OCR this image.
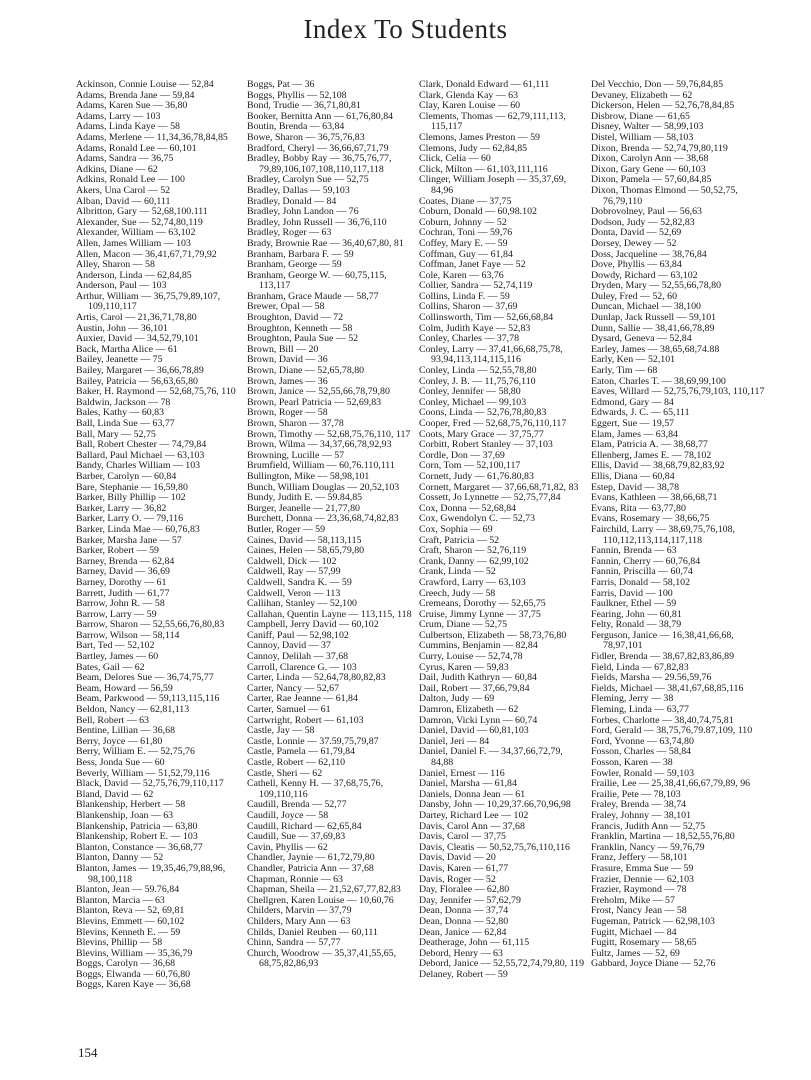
Index To Students
Ackinson, Connie Louise — 52,84
Adams, Brenda Jane — 59,84
Adams, Karen Sue — 36,80
Adams, Larry — 103
Adams, Linda Kaye — 58
Adams, Merlene — 11,34,36,78,84,85
Adams, Ronald Lee — 60,101
Adams, Sandra — 36,75
Adkins, Diane — 62
Adkins, Ronald Lee — 100
Akers, Una Carol — 52
Alban, David — 60,111
Albritton, Gary — 52,68,100.111
Alexander, Sue — 52,74,80,119
Alexander, William — 63,102
Allen, James William — 103
Allen, Macon — 36,41,67,71,79,92
Alley, Sharon — 58
Anderson, Linda — 62,84,85
Anderson, Paul — 103
Arthur, William — 36,75,79,89,107, 109,110,117
Artis, Carol — 21,36,71,78,80
Austin, John — 36,101
Auxier, David — 34,52,79,101
Back, Martha Alice — 61
Bailey, Jeanette — 75
Bailey, Margaret — 36,66,78,89
Bailey, Patricia — 56,63,65,80
Baker, H. Raymond — 52,68,75,76, 110
Baldwin, Jackson — 78
Bales, Kathy — 60,83
Ball, Linda Sue — 63,77
Ball, Mary — 52,75
Ball, Robert Chester — 74,79,84
Ballard, Paul Michael — 63,103
Bandy, Charles William — 103
Barber, Carolyn — 60,84
Bare, Stephanie — 16,59,80
Barker, Billy Phillip — 102
Barker, Larry — 36,82
Barker, Larry O. — 79,116
Barker, Linda Mae — 60,76,83
Barker, Marsha Jane — 57
Barker, Robert — 59
Barney, Brenda — 62,84
Barney, David — 36,69
Barney, Dorothy — 61
Barrett, Judith — 61,77
Barrow, John R. — 58
Barrow, Larry — 59
Barrow, Sharon — 52,55,66,76,80,83
Barrow, Wilson — 58,114
Bart, Ted — 52,102
Bartley, James — 60
Bates, Gail — 62
Beam, Delores Sue — 36,74,75,77
Beam, Howard — 56,59
Beam, Parkwood — 59,113,115,116
Beldon, Nancy — 62,81,113
Bell, Robert — 63
Bentine, Lillian — 36,68
Berry, Joyce — 61,80
Berry, William E. — 52,75,76
Bess, Jonda Sue — 60
Beverly, William — 51,52,79,116
Black, David — 52,75,76,79,110,117
Bland, David — 62
Blankenship, Herbert — 58
Blankenship, Joan — 63
Blankenship, Patricia — 63,80
Blankenship, Robert E. — 103
Blanton, Constance — 36,68,77
Blanton, Danny — 52
Blanton, James — 19,35,46,79,88,96, 98,100,118
Blanton, Jean — 59.76,84
Blanton, Marcia — 63
Blanton, Reva — 52, 69,81
Blevins, Emmett — 60,102
Blevins, Kenneth E. — 59
Blevins, Phillip — 58
Blevins, William — 35,36,79
Boggs, Carolyn — 36,68
Boggs, Elwanda — 60,76,80
Boggs, Karen Kaye — 36,68
Boggs, Pat — 36
Boggs, Phyllis — 52,108
Bond, Trudie — 36,71,80,81
Booker, Bernitta Ann — 61,76,80,84
Boutin, Brenda — 63,84
Bowe, Sharon — 36,75,76,83
Bradford, Cheryl — 36,66,67,71,79
Bradley, Bobby Ray — 36,75,76,77, 79,89,106,107,108,110,117,118
Bradley, Carolyn Sue — 52,75
Bradley, Dallas — 59,103
Bradley, Donald — 84
Bradley, John Landon — 76
Bradley, John Russell — 36,76,110
Bradley, Roger — 63
Brady, Brownie Rae — 36,40,67,80, 81
Branham, Barbara F. — 59
Branham, George — 59
Branham, George W. — 60,75,115, 113,117
Branham, Grace Maude — 58,77
Brewer, Opal — 58
Broughton, David — 72
Broughton, Kenneth — 58
Broughton, Paula Sue — 52
Brown, Bill — 20
Brown, David — 36
Brown, Diane — 52,65,78,80
Brown, James — 36
Brown, Janice — 52,55,66,78,79,80
Brown, Pearl Patricia — 52,69,83
Brown, Roger — 58
Brown, Sharon — 37,78
Brown, Timothy — 52,68,75,76,110, 117
Brown, Wilma — 34,37,66,78,92,93
Browning, Lucille — 57
Brumfield, William — 60,76.110,111
Bullington, Mike — 58,98,101
Bunch, William Douglas — 20,52,103
Bundy, Judith E. — 59.84,85
Burger, Jeanelle — 21,77,80
Burchett, Donna — 23,36,68,74,82,83
Butler, Roger — 59
Caines, David — 58,113,115
Caines, Helen — 58,65,79,80
Caldwell, Dick — 102
Caldwell, Ray — 57,99
Caldwell, Sandra K. — 59
Caldwell, Veron — 113
Callihan, Stanley — 52,100
Callahan, Quentin Layne — 113,115, 118
Campbell, Jerry David — 60,102
Caniff, Paul — 52,98,102
Cannoy, David — 37
Cannoy, Delilah — 37,68
Carroll, Clarence G. — 103
Carter, Linda — 52,64,78,80,82,83
Carter, Nancy — 52,67
Carter, Rae Jeanne — 61,84
Carter, Samuel — 61
Cartwright, Robert — 61,103
Castle, Jay — 58
Castle, Lonnie — 37.59,75,79,87
Castle, Pamela — 61,79,84
Castle, Robert — 62,110
Castle, Sheri — 62
Cathell, Kenny H. — 37,68,75,76, 109,110,116
Caudill, Brenda — 52,77
Caudill, Joyce — 58
Caudill, Richard — 62,65,84
Caudill, Sue — 37,69,83
Cavin, Phyllis — 62
Chandler, Jaynie — 61,72,79,80
Chandler, Patricia Ann — 37,68
Chapman, Ronnie — 63
Chapman, Sheila — 21,52,67,77,82,83
Chellgren, Karen Louise — 10,60,76
Childers, Marvin — 37,79
Childers, Mary Ann — 63
Childs, Daniel Reuben — 60,111
Chinn, Sandra — 57,77
Church, Woodrow — 35,37,41,55,65, 68,75,82,86,93
Clark, Donald Edward — 61,111
Clark, Glenda Kay — 63
Clay, Karen Louise — 60
Clements, Thomas — 62,79,111,113, 115,117
Clemons, James Preston — 59
Clemons, Judy — 62,84,85
Click, Celia — 60
Click, Milton — 61,103,111,116
Clinger, William Joseph — 35,37,69, 84,96
Coates, Diane — 37,75
Coburn, Donald — 60,98.102
Coburn, Johnny — 52
Cochran, Toni — 59,76
Coffey, Mary E. — 59
Coffman, Guy — 61,84
Coffman, Janet Faye — 52
Cole, Karen — 63,76
Collier, Sandra — 52,74,119
Collins, Linda F. — 59
Collins, Sharon — 37,69
Collinsworth, Tim — 52,66,68,84
Colm, Judith Kaye — 52,83
Conley, Charles — 37,78
Conley, Larry — 37,41,66,68,75,78, 93,94,113,114,115,116
Conley, Linda — 52,55,78,80
Conley, J. B. — 11,75,76,110
Conley, Jennifer — 58,80
Conley, Michael — 99,103
Coons, Linda — 52,76,78,80,83
Cooper, Fred — 52,68,75,76,110,117
Coots, Mary Grace — 37,75,77
Corbitt, Robert Stanley — 37,103
Cordle, Don — 37,69
Corn, Tom — 52,100,117
Cornett, Judy — 61,76.80,83
Cornett, Margaret — 37,66,68,71,82, 83
Cossett, Jo Lynnette — 52,75,77,84
Cox, Donna — 52,68,84
Cox, Gwendolyn C. — 52,73
Cox, Sophia — 69
Craft, Patricia — 52
Craft, Sharon — 52,76,119
Crank, Danny — 62,99,102
Crank, Linda — 52
Crawford, Larry — 63,103
Creech, Judy — 58
Cremeans, Dorothy — 52,65,75
Cruise, Jimmy Lynne — 37,75
Crum, Diane — 52,75
Culbertson, Elizabeth — 58,73,76,80
Cummins, Benjamin — 82,84
Curry, Louise — 52,74,78
Cyrus, Karen — 59,83
Dail, Judith Kathryn — 60,84
Dail, Robert — 37,66,79,84
Dalton, Judy — 69
Damron, Elizabeth — 62
Damron, Vicki Lynn — 60,74
Daniel, David — 60,81,103
Daniel, Jeri — 84
Daniel, Daniel F. — 34,37,66,72,79, 84,88
Daniel, Ernest — 116
Daniel, Marsha — 61,84
Daniels, Donna Jean — 61
Dansby, John — 10,29,37.66,70,96,98
Dartey, Richard Lee — 102
Davis, Carol Ann — 37,68
Davis, Carol — 37,75
Davis, Cleatis — 50,52,75,76,110,116
Davis, David — 20
Davis, Karen — 61,77
Davis, Roger — 52
Day, Floralee — 62,80
Day, Jennifer — 57,62,79
Dean, Donna — 37,74
Dean, Donna — 52,80
Dean, Janice — 62,84
Deatherage, John — 61,115
Debord, Henry — 63
Debord, Janice — 52,55,72,74,79,80, 119
Delaney, Robert — 59
Del Vecchio, Don — 59,76,84,85
Devaney, Elizabeth — 62
Dickerson, Helen — 52,76,78,84,85
Disbrow, Diane — 61,65
Disney, Walter — 58,99,103
Distel, William — 58,103
Dixon, Brenda — 52,74,79,80,119
Dixon, Carolyn Ann — 38,68
Dixon, Gary Gene — 60,103
Dixon, Pamela — 57,60,84,85
Dixon, Thomas Elmond — 50,52,75, 76,79,110
Dobrovolney, Paul — 56,63
Dodson, Judy — 52,82,83
Donta, David — 52,69
Dorsey, Dewey — 52
Doss, Jacqueline — 38,76,84
Dove, Phyllis — 63,84
Dowdy, Richard — 63,102
Dryden, Mary — 52,55,66,78,80
Duley, Fred — 52, 60
Duncan, Michael — 38,100
Dunlap, Jack Russell — 59,101
Dunn, Sallie — 38,41,66,78,89
Dysard, Geneva — 52,84
Earley, James — 38,65,68,74.88
Early, Ken — 52,101
Early, Tim — 68
Eaton, Charles T. — 38,69,99,100
Eaves, Willard — 52,75,76,79,103, 110,117
Edmond, Gary — 84
Edwards, J. C. — 65,111
Eggert, Sue — 19,57
Elam, James — 63,84
Elam, Patricia A. — 38,68,77
Ellenberg, James E. — 78,102
Ellis, David — 38,68,79,82,83,92
Ellis, Diana — 60,84
Estep, David — 38,78
Evans, Kathleen — 38,66,68,71
Evans, Rita — 63,77,80
Evans, Rosemary — 38,66,75
Fairchild, Larry — 38,69,75,76,108, 110,112,113,114,117,118
Fannin, Brenda — 63
Fannin, Cherry — 60,76,84
Fannin, Priscilla — 60,74
Farris, Donald — 58,102
Farris, David — 100
Faulkner, Ethel — 59
Fearing, John — 60,81
Felty, Ronald — 38,79
Ferguson, Janice — 16,38,41,66,68, 78,97,101
Fidler, Brenda — 38,67,82,83,86,89
Field, Linda — 67,82,83
Fields, Marsha — 29.56,59,76
Fields, Michael — 38,41,67,68,85,116
Fleming, Jerry — 38
Fleming, Linda — 63,77
Forbes, Charlotte — 38,40,74,75,81
Ford, Gerald — 38,75,76,79.87,109, 110
Ford, Yvonne — 63,74,80
Fosson, Charles — 58,84
Fosson, Karen — 38
Fowler, Ronald — 59,103
Frailie, Lee — 25,38,41,66,67,79,89, 96
Frailie, Pete — 78,103
Fraley, Brenda — 38,74
Fraley, Johnny — 38,101
Francis, Judith Ann — 52,75
Franklin, Martina — 18,52,55,76,80
Franklin, Nancy — 59,76,79
Franz, Jeffery — 58,101
Frasure, Emma Sue — 59
Frazier, Dennie — 62,103
Frazier, Raymond — 78
Freholm, Mike — 57
Frost, Nancy Jean — 58
Fugeman, Patrick — 62,98,103
Fugitt, Michael — 84
Fugitt, Rosemary — 58,65
Fultz, James — 52, 69
Gabbard, Joyce Diane — 52,76
154
